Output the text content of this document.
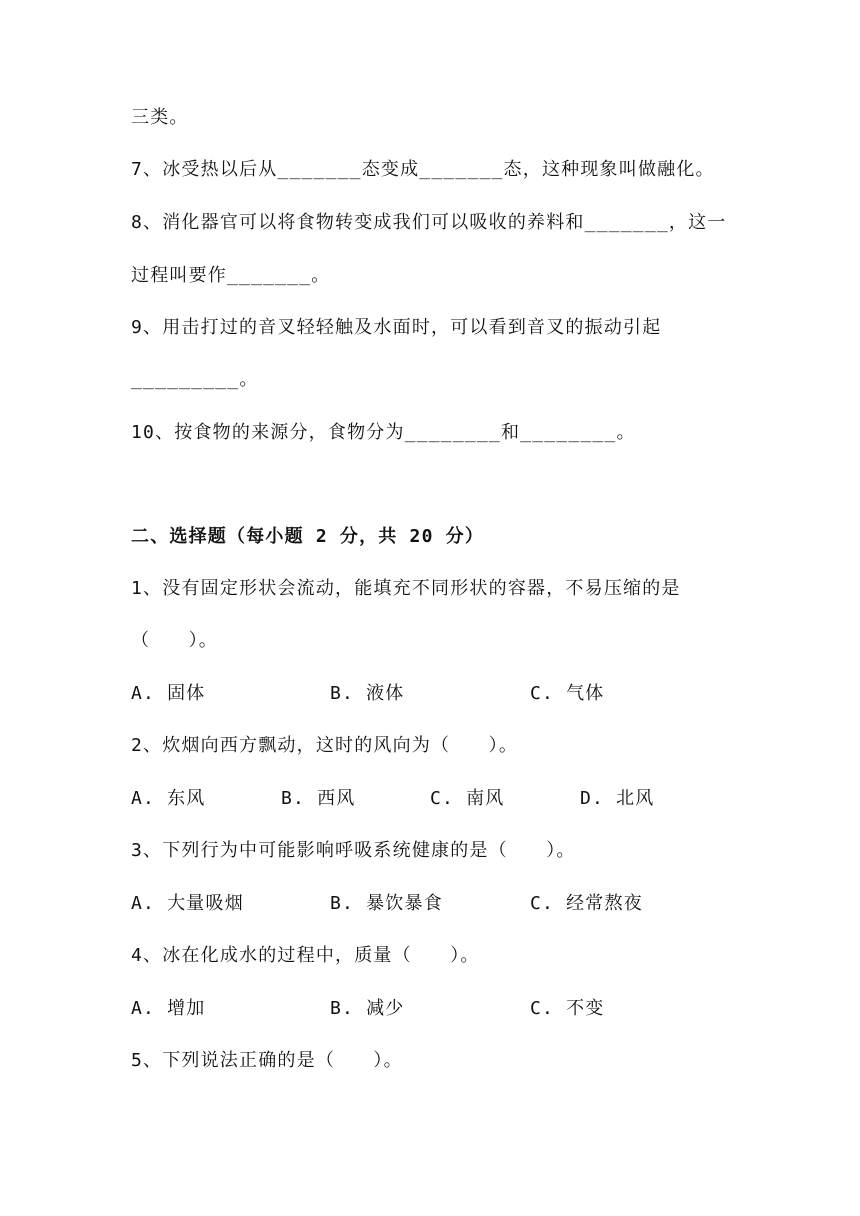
三类。
7、冰受热以后从_______态变成_______态，这种现象叫做融化。
8、消化器官可以将食物转变成我们可以吸收的养料和_______，这一
过程叫要作_______。
9、用击打过的音叉轻轻触及水面时，可以看到音叉的振动引起
_________。
10、按食物的来源分，食物分为________和________。
二、选择题（每小题 2 分，共 20 分）
1、没有固定形状会流动，能填充不同形状的容器，不易压缩的是
（　　）。
A. 固体	B. 液体	C. 气体
2、炊烟向西方飘动，这时的风向为（　　）。
A. 东风	B. 西风	C. 南风	D. 北风
3、下列行为中可能影响呼吸系统健康的是（　　）。
A. 大量吸烟	B. 暴饮暴食	C. 经常熬夜
4、冰在化成水的过程中，质量（　　）。
A. 增加	B. 减少	C. 不变
5、下列说法正确的是（　　）。
